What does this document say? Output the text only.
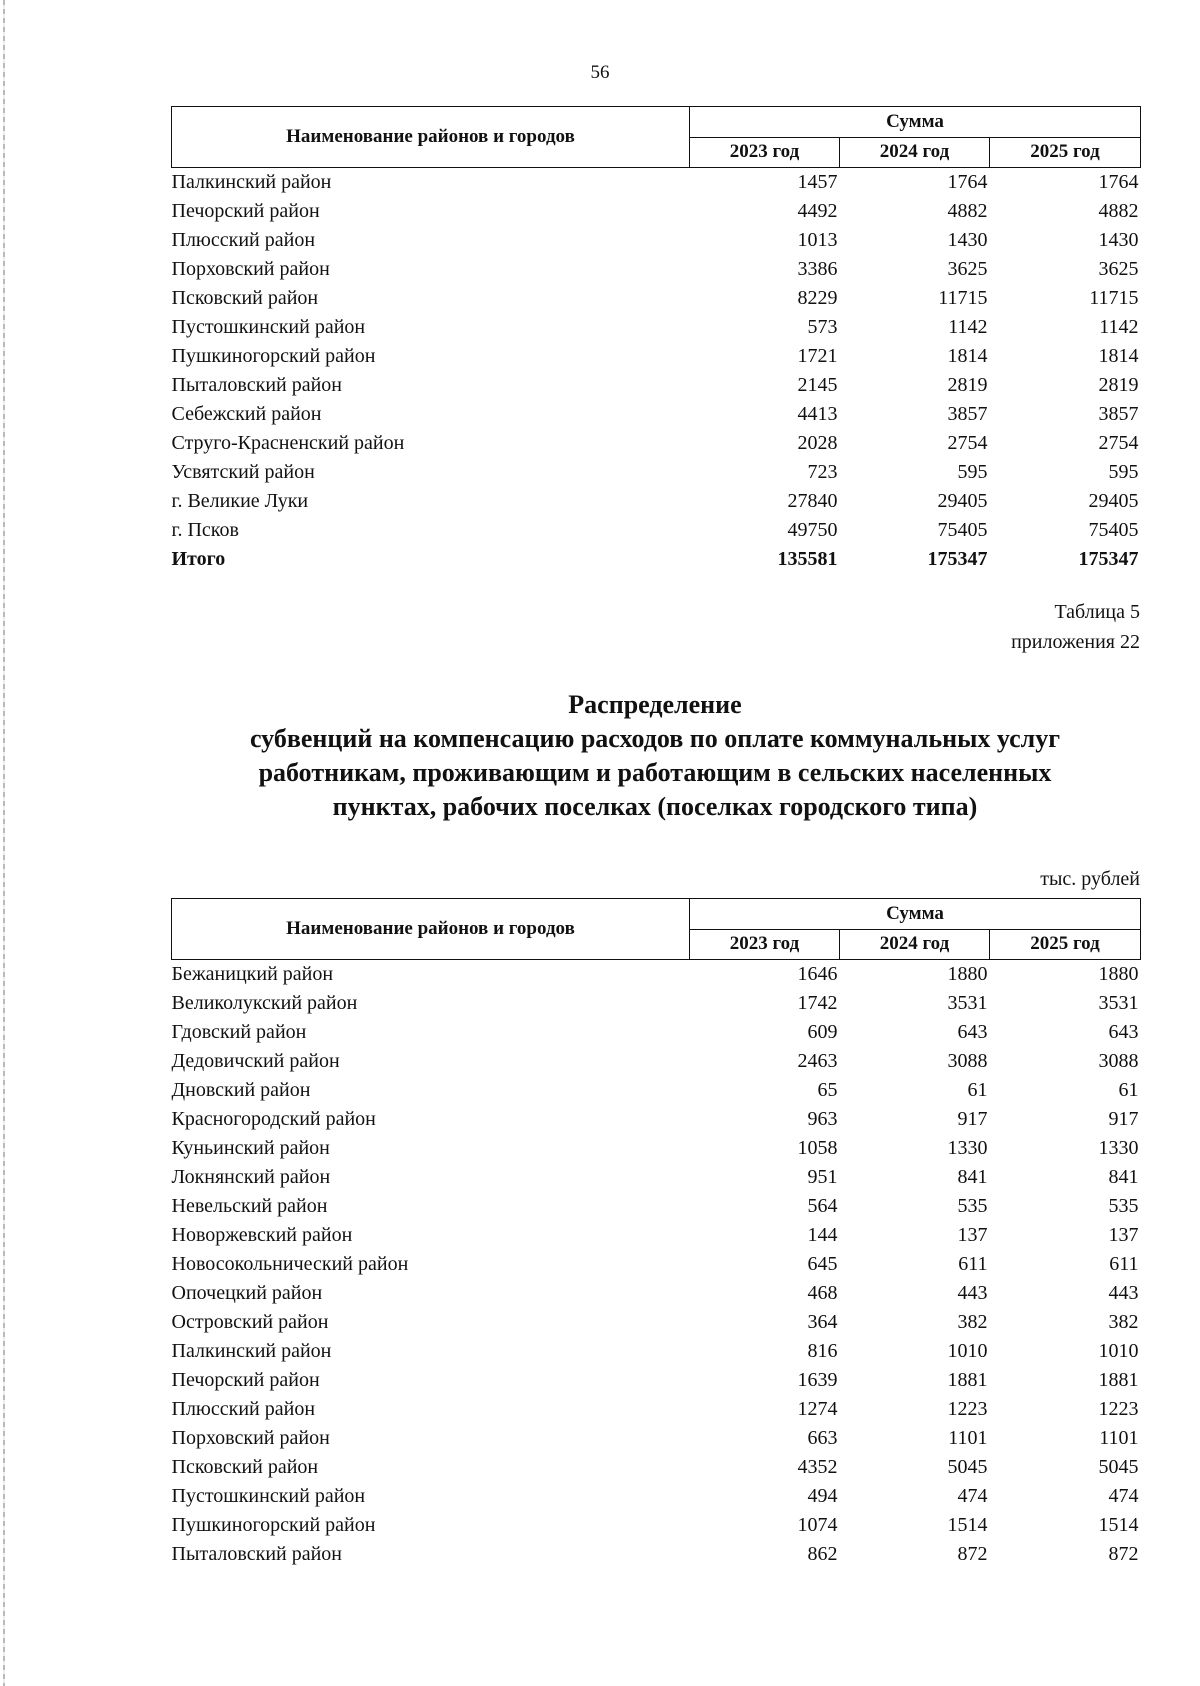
56
Наименование районов и городов	Сумма		
	2023 год	2024 год	2025 год
Палкинский район	1457	1764	1764
Печорский район	4492	4882	4882
Плюсский район	1013	1430	1430
Порховский район	3386	3625	3625
Псковский район	8229	11715	11715
Пустошкинский район	573	1142	1142
Пушкиногорский район	1721	1814	1814
Пыталовский район	2145	2819	2819
Себежский район	4413	3857	3857
Струго-Красненский район	2028	2754	2754
Усвятский район	723	595	595
г. Великие Луки	27840	29405	29405
г. Псков	49750	75405	75405
Итого	135581	175347	175347
Таблица 5
приложения 22
Распределение
субвенций на компенсацию расходов по оплате коммунальных услуг
работникам, проживающим и работающим в сельских населенных
пунктах, рабочих поселках (поселках городского типа)
тыс. рублей
Наименование районов и городов	Сумма		
	2023 год	2024 год	2025 год
Бежаницкий район	1646	1880	1880
Великолукский район	1742	3531	3531
Гдовский район	609	643	643
Дедовичский район	2463	3088	3088
Дновский район	65	61	61
Красногородский район	963	917	917
Куньинский район	1058	1330	1330
Локнянский район	951	841	841
Невельский район	564	535	535
Новоржевский район	144	137	137
Новосокольнический район	645	611	611
Опочецкий район	468	443	443
Островский район	364	382	382
Палкинский район	816	1010	1010
Печорский район	1639	1881	1881
Плюсский район	1274	1223	1223
Порховский район	663	1101	1101
Псковский район	4352	5045	5045
Пустошкинский район	494	474	474
Пушкиногорский район	1074	1514	1514
Пыталовский район	862	872	872
